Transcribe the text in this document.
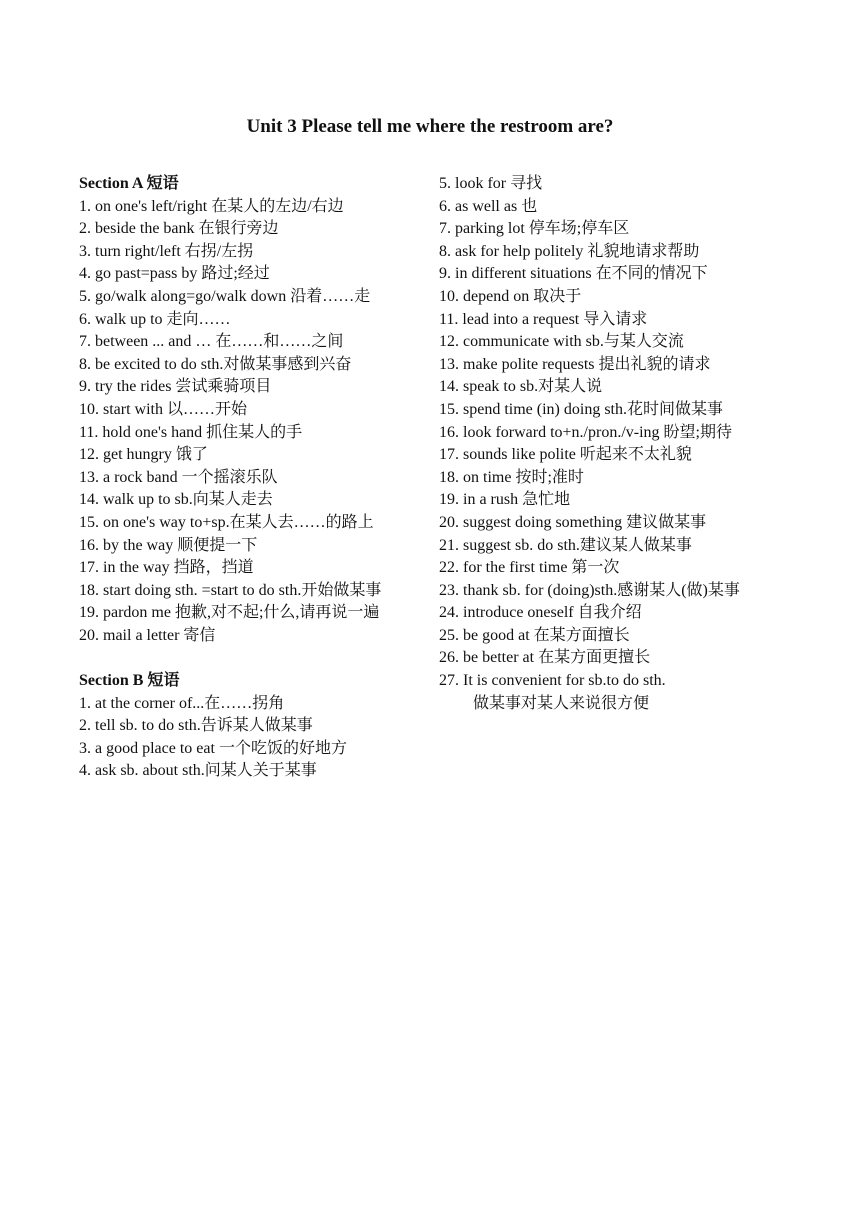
Unit 3 Please tell me where the restroom are?
Section A 短语
1. on one's left/right 在某人的左边/右边
2. beside the bank 在银行旁边
3. turn right/left 右拐/左拐
4. go past=pass by 路过;经过
5. go/walk along=go/walk down 沿着……走
6. walk up to 走向……
7. between ... and … 在……和……之间
8. be excited to do sth.对做某事感到兴奋
9. try the rides 尝试乘骑项目
10. start with 以……开始
11. hold one's hand 抓住某人的手
12. get hungry 饿了
13. a rock band 一个摇滚乐队
14. walk up to sb.向某人走去
15. on one's way to+sp.在某人去……的路上
16. by the way 顺便提一下
17. in the way 挡路，挡道
18. start doing sth. =start to do sth.开始做某事
19. pardon me 抱歉,对不起;什么,请再说一遍
20. mail a letter 寄信
Section B 短语
1. at the corner of...在……拐角
2. tell sb. to do sth.告诉某人做某事
3. a good place to eat 一个吃饭的好地方
4. ask sb. about sth.问某人关于某事
5. look for 寻找
6. as well as 也
7. parking lot 停车场;停车区
8. ask for help politely 礼貌地请求帮助
9. in different situations 在不同的情况下
10. depend on 取决于
11. lead into a request 导入请求
12. communicate with sb.与某人交流
13. make polite requests 提出礼貌的请求
14. speak to sb.对某人说
15. spend time (in) doing sth.花时间做某事
16. look forward to+n./pron./v-ing 盼望;期待
17. sounds like polite 听起来不太礼貌
18. on time 按时;准时
19. in a rush 急忙地
20. suggest doing something 建议做某事
21. suggest sb. do sth.建议某人做某事
22. for the first time 第一次
23. thank sb. for (doing)sth.感谢某人(做)某事
24. introduce oneself 自我介绍
25. be good at 在某方面擅长
26. be better at 在某方面更擅长
27. It is convenient for sb.to do sth.
做某事对某人来说很方便
